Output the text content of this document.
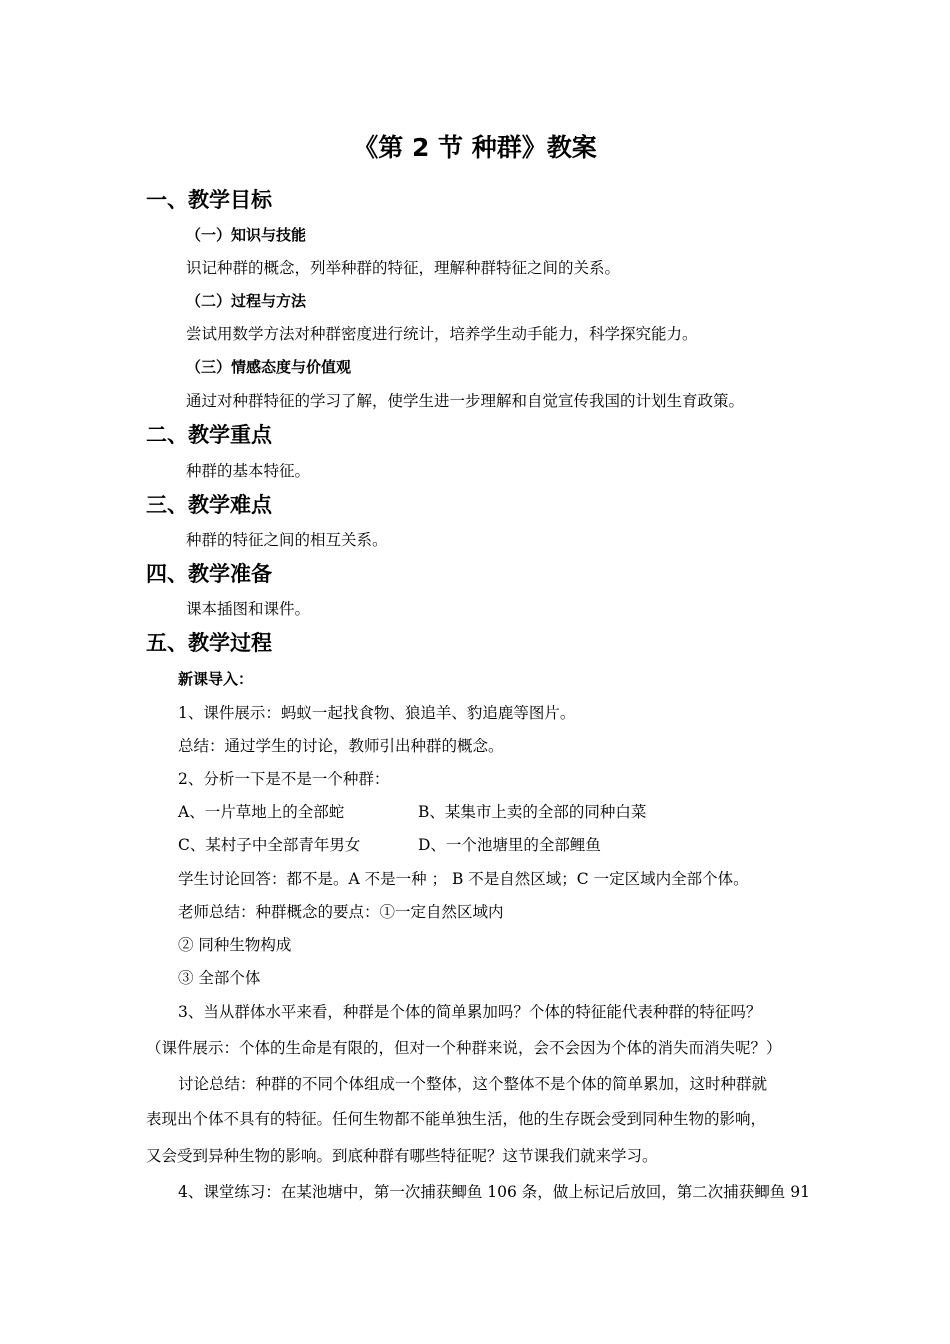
《第 2 节 种群》教案
一、教学目标
（一）知识与技能
识记种群的概念，列举种群的特征，理解种群特征之间的关系。
（二）过程与方法
尝试用数学方法对种群密度进行统计，培养学生动手能力，科学探究能力。
（三）情感态度与价值观
通过对种群特征的学习了解，使学生进一步理解和自觉宣传我国的计划生育政策。
二、教学重点
种群的基本特征。
三、教学难点
种群的特征之间的相互关系。
四、教学准备
课本插图和课件。
五、教学过程
新课导入：
1、课件展示：蚂蚁一起找食物、狼追羊、豹追鹿等图片。
总结：通过学生的讨论，教师引出种群的概念。
2、分析一下是不是一个种群：
A、一片草地上的全部蛇	B、某集市上卖的全部的同种白菜
C、某村子中全部青年男女	D、一个池塘里的全部鲤鱼
学生讨论回答：都不是。A 不是一种 ； B 不是自然区域；C 一定区域内全部个体。
老师总结：种群概念的要点：①一定自然区域内
② 同种生物构成
③ 全部个体
3、当从群体水平来看，种群是个体的简单累加吗？个体的特征能代表种群的特征吗？
（课件展示：个体的生命是有限的，但对一个种群来说，会不会因为个体的消失而消失呢？）
讨论总结：种群的不同个体组成一个整体，这个整体不是个体的简单累加，这时种群就
表现出个体不具有的特征。任何生物都不能单独生活，他的生存既会受到同种生物的影响，
又会受到异种生物的影响。到底种群有哪些特征呢？这节课我们就来学习。
4、课堂练习：在某池塘中，第一次捕获鲫鱼 106 条，做上标记后放回，第二次捕获鲫鱼 91
